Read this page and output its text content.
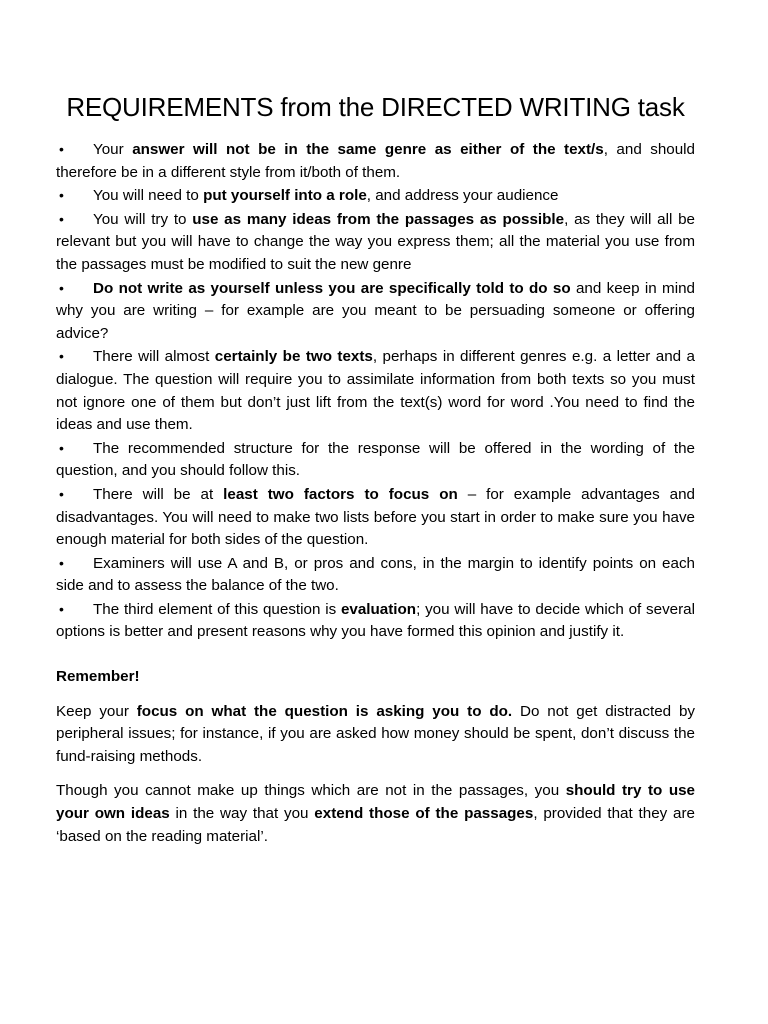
REQUIREMENTS from the DIRECTED WRITING task
•Your answer will not be in the same genre as either of the text/s, and should therefore be in a different style from it/both of them.
•You will need to put yourself into a role, and address your audience
•You will try to use as many ideas from the passages as possible, as they will all be relevant but you will have to change the way you express them; all the material you use from the passages must be modified to suit the new genre
•Do not write as yourself unless you are specifically told to do so and keep in mind why you are writing – for example are you meant to be persuading someone or offering advice?
•There will almost certainly be two texts, perhaps in different genres e.g. a letter and a dialogue. The question will require you to assimilate information from both texts so you must not ignore one of them but don’t just lift from the text(s) word for word .You need to find the ideas and use them.
•The recommended structure for the response will be offered in the wording of the question, and you should follow this.
•There will be at least two factors to focus on – for example advantages and disadvantages. You will need to make two lists before you start in order to make sure you have enough material for both sides of the question.
•Examiners will use A and B, or pros and cons, in the margin to identify points on each side and to assess the balance of the two.
•The third element of this question is evaluation; you will have to decide which of several options is better and present reasons why you have formed this opinion and justify it.
Remember!

Keep your focus on what the question is asking you to do. Do not get distracted by peripheral issues; for instance, if you are asked how money should be spent, don’t discuss the fund-raising methods.

Though you cannot make up things which are not in the passages, you should try to use your own ideas in the way that you extend those of the passages, provided that they are ‘based on the reading material’.
